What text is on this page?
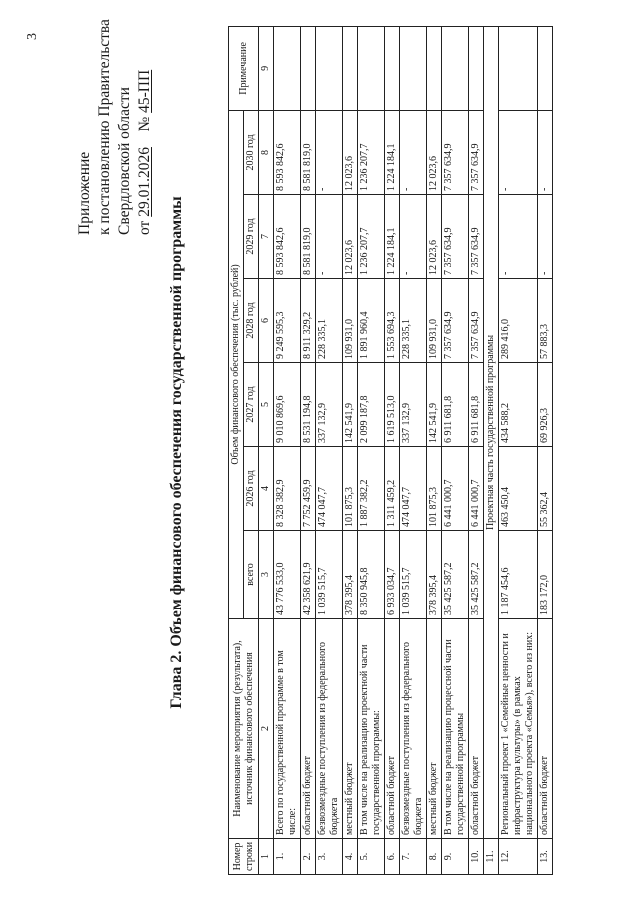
3
Приложение к постановлению Правительства Свердловской области от 29.01.2026    № 45-ПП
Глава 2. Объем финансового обеспечения государственной программы
Номер строки	Наименование мероприятия (результата), источник финансового обеспечения	Объем финансового обеспечения (тыс. рублей)						Примечание
		всего	2026 год	2027 год	2028 год	2029 год	2030 год	
1	2	3	4	5	6	7	8	9
1.	Всего по государственной программе в том числе:	43 776 533,0	8 328 382,9	9 010 869,6	9 249 595,3	8 593 842,6	8 593 842,6	
2.	областной бюджет	42 358 621,9	7 752 459,9	8 531 194,8	8 911 329,2	8 581 819,0	8 581 819,0	
3.	безвозмездные поступления из федерального бюджета	1 039 515,7	474 047,7	337 132,9	228 335,1	-	-	
4.	местный бюджет	378 395,4	101 875,3	142 541,9	109 931,0	12 023,6	12 023,6	
5.	В том числе на реализацию проектной части государственной программы:	8 350 945,8	1 887 382,2	2 099 187,8	1 891 960,4	1 236 207,7	1 236 207,7	
6.	областной бюджет	6 933 034,7	1 311 459,2	1 619 513,0	1 553 694,3	1 224 184,1	1 224 184,1	
7.	безвозмездные поступления из федерального бюджета	1 039 515,7	474 047,7	337 132,9	228 335,1	-	-	
8.	местный бюджет	378 395,4	101 875,3	142 541,9	109 931,0	12 023,6	12 023,6	
9.	В том числе на реализацию процессной части государственной программы	35 425 587,2	6 441 000,7	6 911 681,8	7 357 634,9	7 357 634,9	7 357 634,9	
10.	областной бюджет	35 425 587,2	6 441 000,7	6 911 681,8	7 357 634,9	7 357 634,9	7 357 634,9	
11.	Проектная часть государственной программы							
12.	Региональный проект 1 «Семейные ценности и инфраструктура культуры» (в рамках национального проекта «Семья»), всего из них:	1 187 454,6	463 450,4	434 588,2	289 416,0	-	-	
13.	областной бюджет	183 172,0	55 362,4	69 926,3	57 883,3	-	-	
